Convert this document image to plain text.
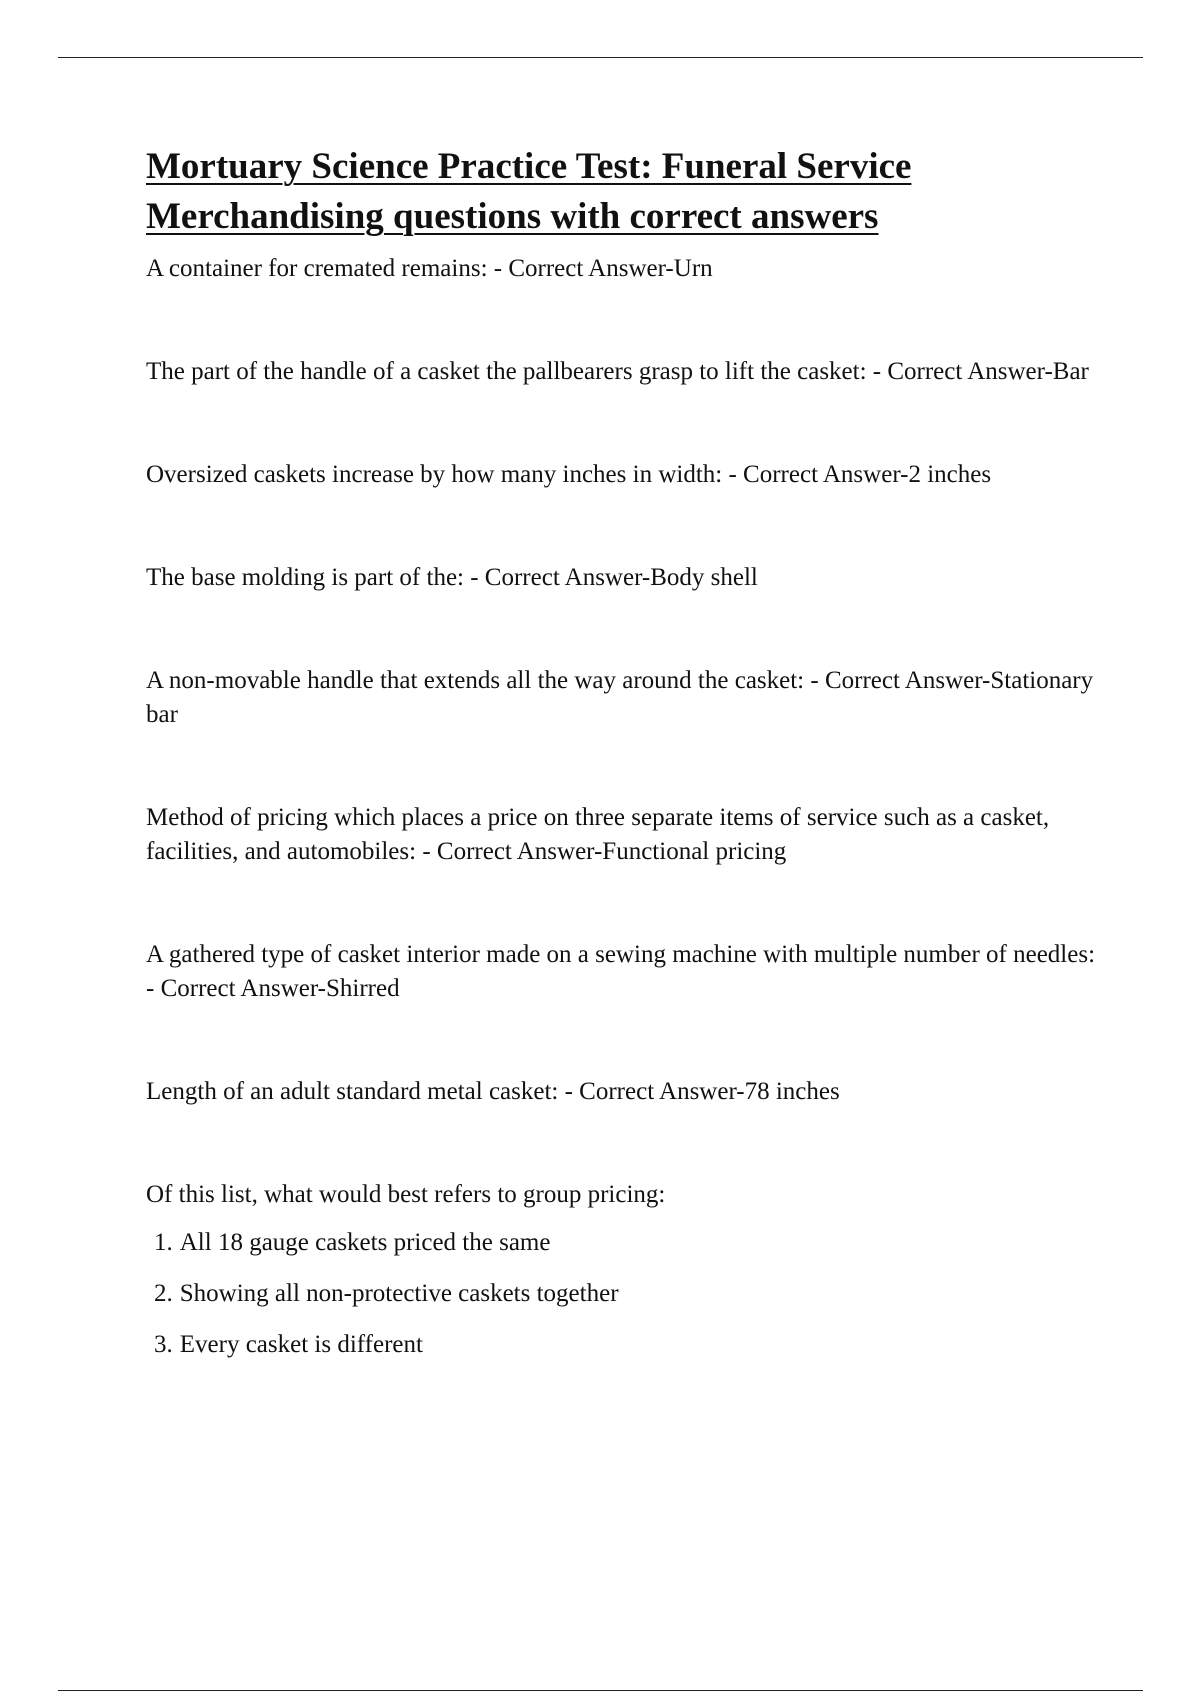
Mortuary Science Practice Test: Funeral Service Merchandising questions with correct answers

A container for cremated remains: - Correct Answer-Urn

The part of the handle of a casket the pallbearers grasp to lift the casket: - Correct Answer-Bar

Oversized caskets increase by how many inches in width: - Correct Answer-2 inches

The base molding is part of the: - Correct Answer-Body shell

A non-movable handle that extends all the way around the casket: - Correct Answer-Stationary bar

Method of pricing which places a price on three separate items of service such as a casket, facilities, and automobiles: - Correct Answer-Functional pricing

A gathered type of casket interior made on a sewing machine with multiple number of needles: - Correct Answer-Shirred

Length of an adult standard metal casket: - Correct Answer-78 inches

Of this list, what would best refers to group pricing:

1. All 18 gauge caskets priced the same
2. Showing all non-protective caskets together
3. Every casket is different
